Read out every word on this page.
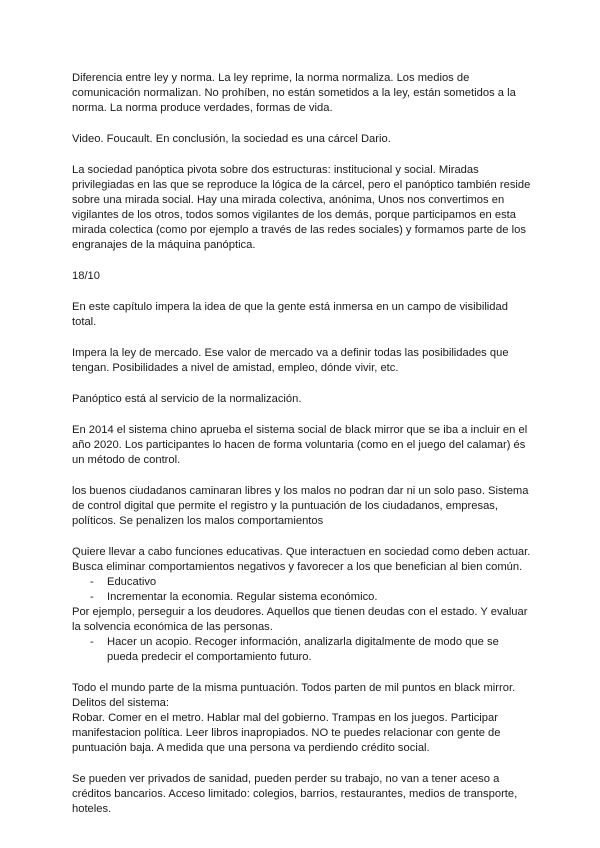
Diferencia entre ley y norma. La ley reprime, la norma normaliza. Los medios de comunicación normalizan. No prohíben, no están sometidos a la ley, están sometidos a la norma. La norma produce verdades, formas de vida.

Video. Foucault. En conclusión, la sociedad es una cárcel Dario.

La sociedad panóptica pivota sobre dos estructuras: institucional y social. Miradas privilegiadas en las que se reproduce la lógica de la cárcel, pero el panóptico también reside sobre una mirada social. Hay una mirada colectiva, anónima, Unos nos convertimos en vigilantes de los otros, todos somos vigilantes de los demás, porque participamos en esta mirada colectica (como por ejemplo a través de las redes sociales) y formamos parte de los engranajes de la máquina panóptica.

18/10

En este capítulo impera la idea de que la gente está inmersa en un campo de visibilidad total.

Impera la ley de mercado. Ese valor de mercado va a definir todas las posibilidades que tengan. Posibilidades a nivel de amistad, empleo, dónde vivir, etc.

Panóptico está al servicio de la normalización.

En 2014 el sistema chino aprueba el sistema social de black mirror que se iba a incluir en el año 2020. Los participantes lo hacen de forma voluntaria (como en el juego del calamar) és un método de control.

los buenos ciudadanos caminaran libres y los malos no podran dar ni un solo paso. Sistema de control digital que permite el registro y la puntuación de los ciudadanos, empresas, políticos. Se penalizen los malos comportamientos

Quiere llevar a cabo funciones educativas. Que interactuen en sociedad como deben actuar. Busca eliminar comportamientos negativos y favorecer a los que benefician al bien común.

- Educativo
- Incrementar la economia. Regular sistema económico.

Por ejemplo, perseguir a los deudores. Aquellos que tienen deudas con el estado. Y evaluar la solvencia económica de las personas.

- Hacer un acopio. Recoger información, analizarla digitalmente de modo que se pueda predecir el comportamiento futuro.

Todo el mundo parte de la misma puntuación. Todos parten de mil puntos en black mirror.

Delitos del sistema:

Robar. Comer en el metro. Hablar mal del gobierno. Trampas en los juegos. Participar manifestacion política. Leer libros inapropiados. NO te puedes relacionar con gente de puntuación baja. A medida que una persona va perdiendo crédito social.

Se pueden ver privados de sanidad, pueden perder su trabajo, no van a tener aceso a créditos bancarios. Acceso limitado: colegios, barrios, restaurantes, medios de transporte, hoteles.
